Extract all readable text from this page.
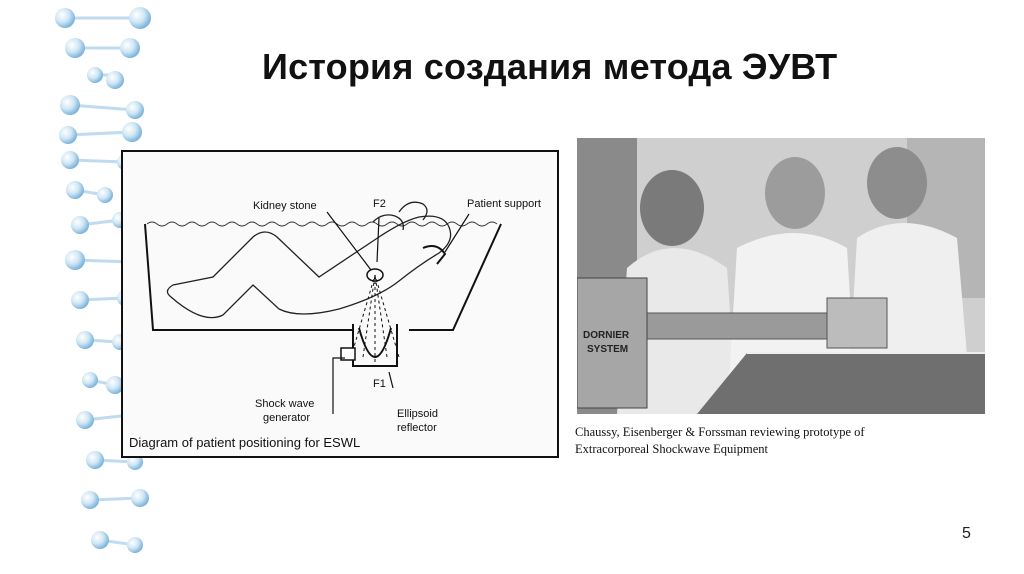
История создания метода ЭУВТ
Kidney stone	F2	Patient support
F1
Shock wave
generator	Ellipsoid
reflector
Diagram of patient positioning for ESWL
DORNIER
SYSTEM
Chaussy, Eisenberger & Forssman reviewing prototype of
Extracorporeal Shockwave Equipment
5
